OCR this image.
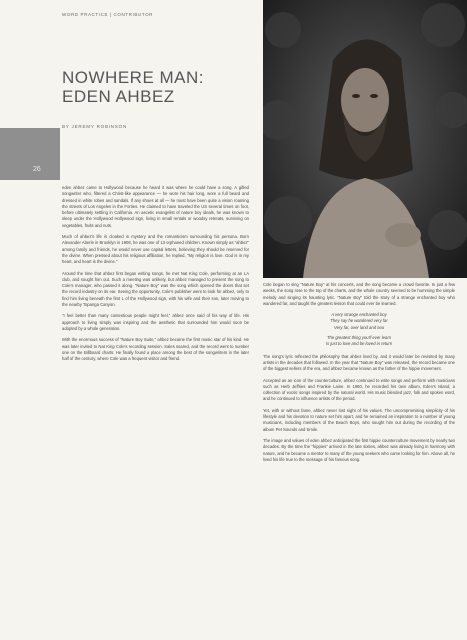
WORD PRACTICE | CONTRIBUTOR
NOWHERE MAN:
EDEN AHBEZ
BY JEREMY ROBINSON
26

eden ahbez came to Hollywood because he heard it was where he could have a song. A gifted songwriter who, filtered a Christ-like appearance — he wore his hair long, wore a full beard and dressed in white robes and sandals. If any shoes at all — he must have been quite a vision roaming the streets of Los Angeles in the Forties. He claimed to have traveled the US several times on foot, before ultimately settling in California. An ascetic evangelist of nature boy ideals, he was known to sleep under the Hollywood Hollywood sign, living in small rentals or woodsy retreats, surviving on vegetables, fruits and nuts.

Much of ahbez's life is cloaked in mystery and the romanticism surrounding his persona. Born Alexander Aberle in Brooklyn in 1908, he was one of 13 orphaned children. Known simply as "ahbez" among family and friends, he would never use capital letters, believing they should be reserved for the divine. When pressed about his religious affiliation, he replied, "My religion is love. God is in my heart, and heart is the divine."

Around the time that ahbez first began writing songs, he met Nat King Cole, performing at an LA club, and sought him out. Such a meeting was unlikely, but ahbez managed to present the song to Cole's manager, who passed it along. "Nature Boy" was the song which opened the doors that set the record industry on its ear. Seeing the opportunity, Cole's publisher went to look for ahbez, only to find him living beneath the first L of the Hollywood sign, with his wife and their son, later moving to the nearby Topanga Canyon.

"I feel better than many contentious people might feel," ahbez once said of his way of life. His approach to living simply was inspiring and the aesthetic that surrounded him would soon be adopted by a whole generation.

With the enormous success of "Nature Boy Suite," ahbez became the first music star of his kind. He was later invited to Nat King Cole's recording session. Sales soared, and the record went to number one on the Billboard charts. He finally found a place among the best of the songwriters in the later half of the century, where Cole was a frequent visitor and friend.

Cole began to sing "Nature Boy" at his concerts, and the song became a crowd favorite. In just a few weeks, the song rose to the top of the charts, and the whole country seemed to be humming the simple melody and singing its haunting lyric. "Nature Boy" told the story of a strange enchanted boy who wandered far, and taught the greatest lesson that could ever be learned.

A very strange enchanted boy
They say he wandered very far
Very far, over land and sea
The greatest thing you'll ever learn
Is just to love and be loved in return

The song's lyric reflected the philosophy that ahbez lived by, and it would later be revisited by many artists in the decades that followed. In the year that "Nature Boy" was released, the record became one of the biggest sellers of the era, and ahbez became known as the father of the hippie movement.

Accepted as an icon of the counterculture, ahbez continued to write songs and perform with musicians such as Herb Jeffries and Frankie Laine. In 1960, he recorded his own album, Eden's Island, a collection of exotic songs inspired by the natural world. His music blended jazz, folk and spoken word, and he continued to influence artists of the period.

Yet, with or without fame, ahbez never lost sight of his values. The uncompromising simplicity of his lifestyle and his devotion to nature set him apart, and he remained an inspiration to a number of young musicians, including members of the Beach Boys, who sought him out during the recording of the album Pet Sounds and Smile.

The image and values of eden ahbez anticipated the first hippie counterculture movement by nearly two decades. By the time the "hippies" arrived in the late sixties, ahbez was already living in harmony with nature, and he became a mentor to many of the young seekers who came looking for him. Above all, he lived his life true to the message of his famous song.
